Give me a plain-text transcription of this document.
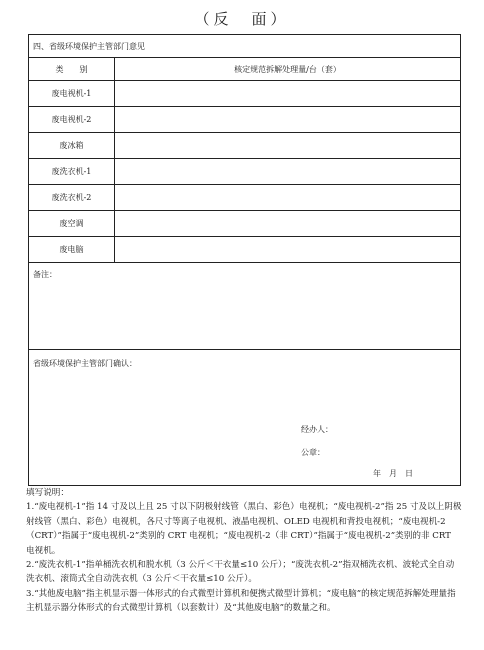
（反　面）
四、省级环境保护主管部门意见	
类　　别	核定规范拆解处理量/台（套）
废电视机-1	
废电视机-2	
废冰箱	
废洗衣机-1	
废洗衣机-2	
废空调	
废电脑	
备注：	

省级环境保护主管部门确认：
经办人：
公章：
年　月　日	

填写说明：

1.“废电视机-1”指 14 寸及以上且 25 寸以下阴极射线管（黑白、彩色）电视机；“废电视机-2”指 25 寸及以上阴极射线管（黑白、彩色）电视机，各尺寸等离子电视机、液晶电视机、OLED 电视机和背投电视机；“废电视机-2（CRT）”指属于“废电视机-2”类别的 CRT 电视机；“废电视机-2（非 CRT）”指属于“废电视机-2”类别的非 CRT 电视机。

2.“废洗衣机-1”指单桶洗衣机和脱水机（3 公斤＜干衣量≤10 公斤）；“废洗衣机-2”指双桶洗衣机、波轮式全自动洗衣机、滚筒式全自动洗衣机（3 公斤＜干衣量≤10 公斤）。

3.“其他废电脑”指主机显示器一体形式的台式微型计算机和便携式微型计算机；“废电脑”的核定规范拆解处理量指主机显示器分体形式的台式微型计算机（以套数计）及“其他废电脑”的数量之和。
